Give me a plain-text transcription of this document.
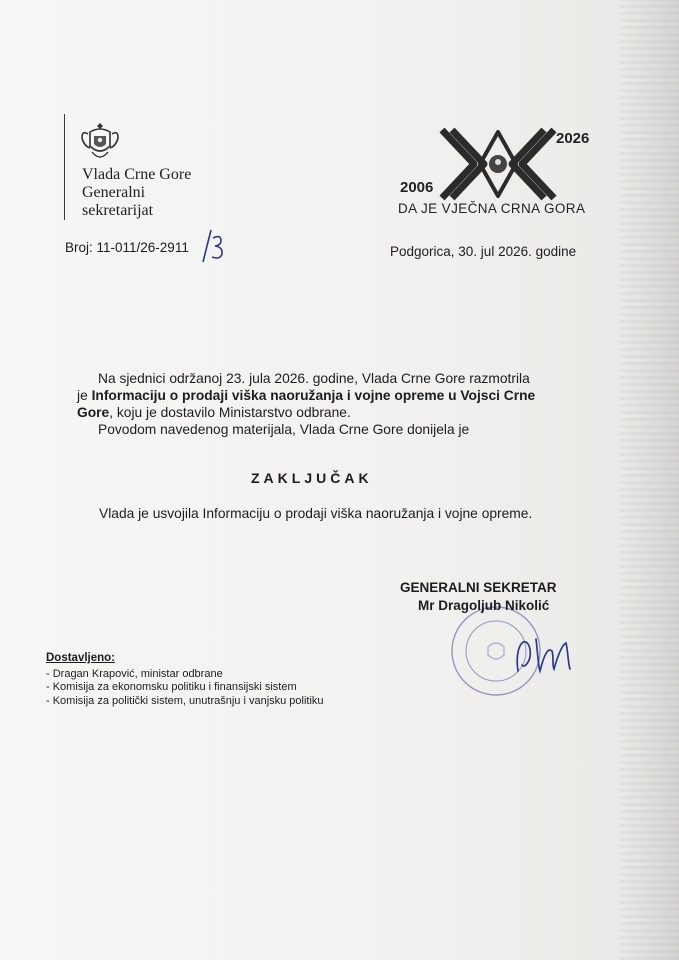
Vlada Crne Gore
Generalni
sekretarijat
2026
2006
DA JE VJEČNA CRNA GORA
Broj: 11-011/26-2911	Podgorica, 30. jul 2026. godine
Na sjednici održanoj 23. jula 2026. godine, Vlada Crne Gore razmotrila
je Informaciju o prodaji viška naoružanja i vojne opreme u Vojsci Crne
Gore, koju je dostavilo Ministarstvo odbrane.
Povodom navedenog materijala, Vlada Crne Gore donijela je
ZAKLJUČAK
Vlada je usvojila Informaciju o prodaji viška naoružanja i vojne opreme.
GENERALNI SEKRETAR
Mr Dragoljub Nikolić
Dostavljeno:
- Dragan Krapović, ministar odbrane
- Komisija za ekonomsku politiku i finansijski sistem
- Komisija za politički sistem, unutrašnju i vanjsku politiku
